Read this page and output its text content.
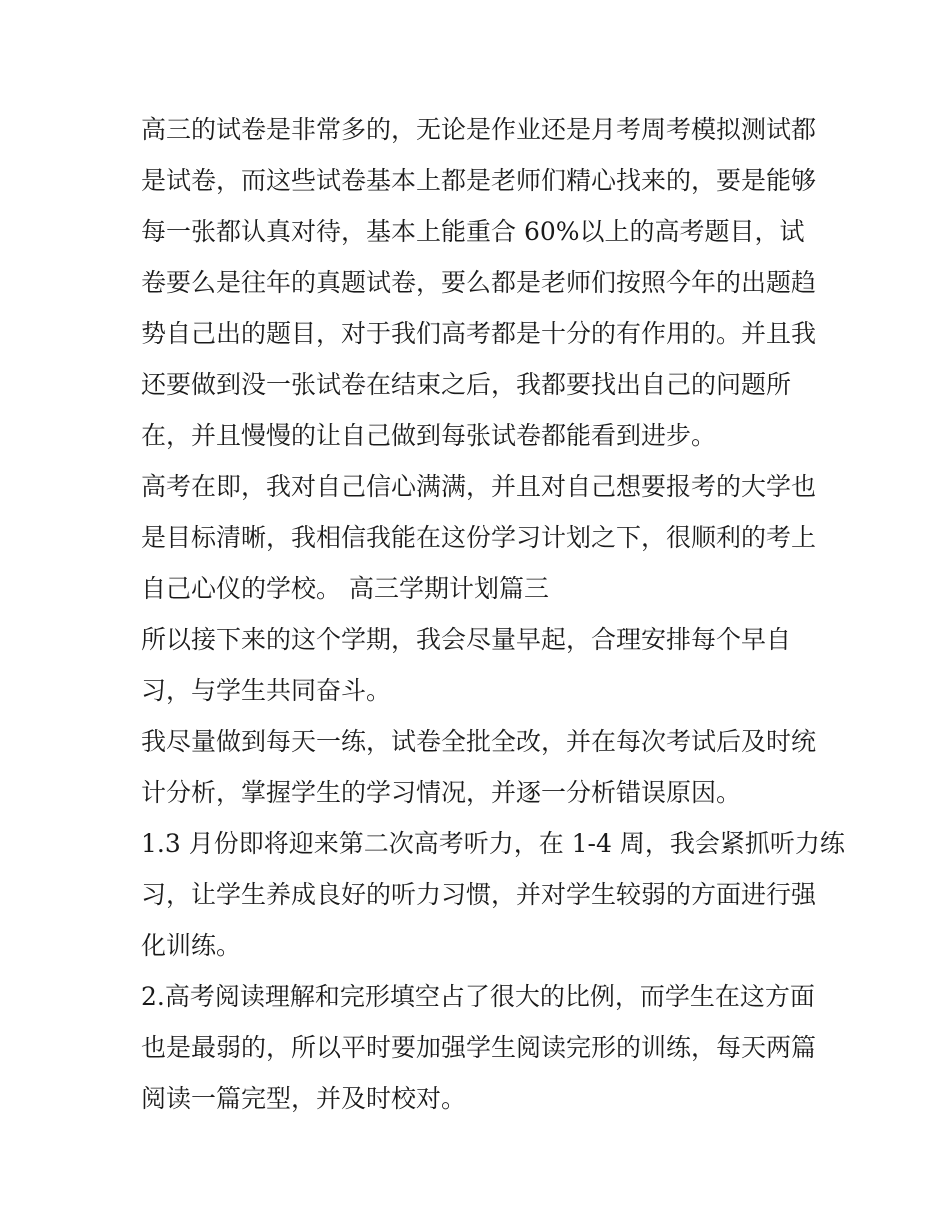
高三的试卷是非常多的，无论是作业还是月考周考模拟测试都
是试卷，而这些试卷基本上都是老师们精心找来的，要是能够
每一张都认真对待，基本上能重合 60%以上的高考题目，试
卷要么是往年的真题试卷，要么都是老师们按照今年的出题趋
势自己出的题目，对于我们高考都是十分的有作用的。并且我
还要做到没一张试卷在结束之后，我都要找出自己的问题所
在，并且慢慢的让自己做到每张试卷都能看到进步。
高考在即，我对自己信心满满，并且对自己想要报考的大学也
是目标清晰，我相信我能在这份学习计划之下，很顺利的考上
自己心仪的学校。 高三学期计划篇三
所以接下来的这个学期，我会尽量早起，合理安排每个早自
习，与学生共同奋斗。
我尽量做到每天一练，试卷全批全改，并在每次考试后及时统
计分析，掌握学生的学习情况，并逐一分析错误原因。
1.3 月份即将迎来第二次高考听力，在 1-4 周，我会紧抓听力练
习，让学生养成良好的听力习惯，并对学生较弱的方面进行强
化训练。
2.高考阅读理解和完形填空占了很大的比例，而学生在这方面
也是最弱的，所以平时要加强学生阅读完形的训练，每天两篇
阅读一篇完型，并及时校对。
